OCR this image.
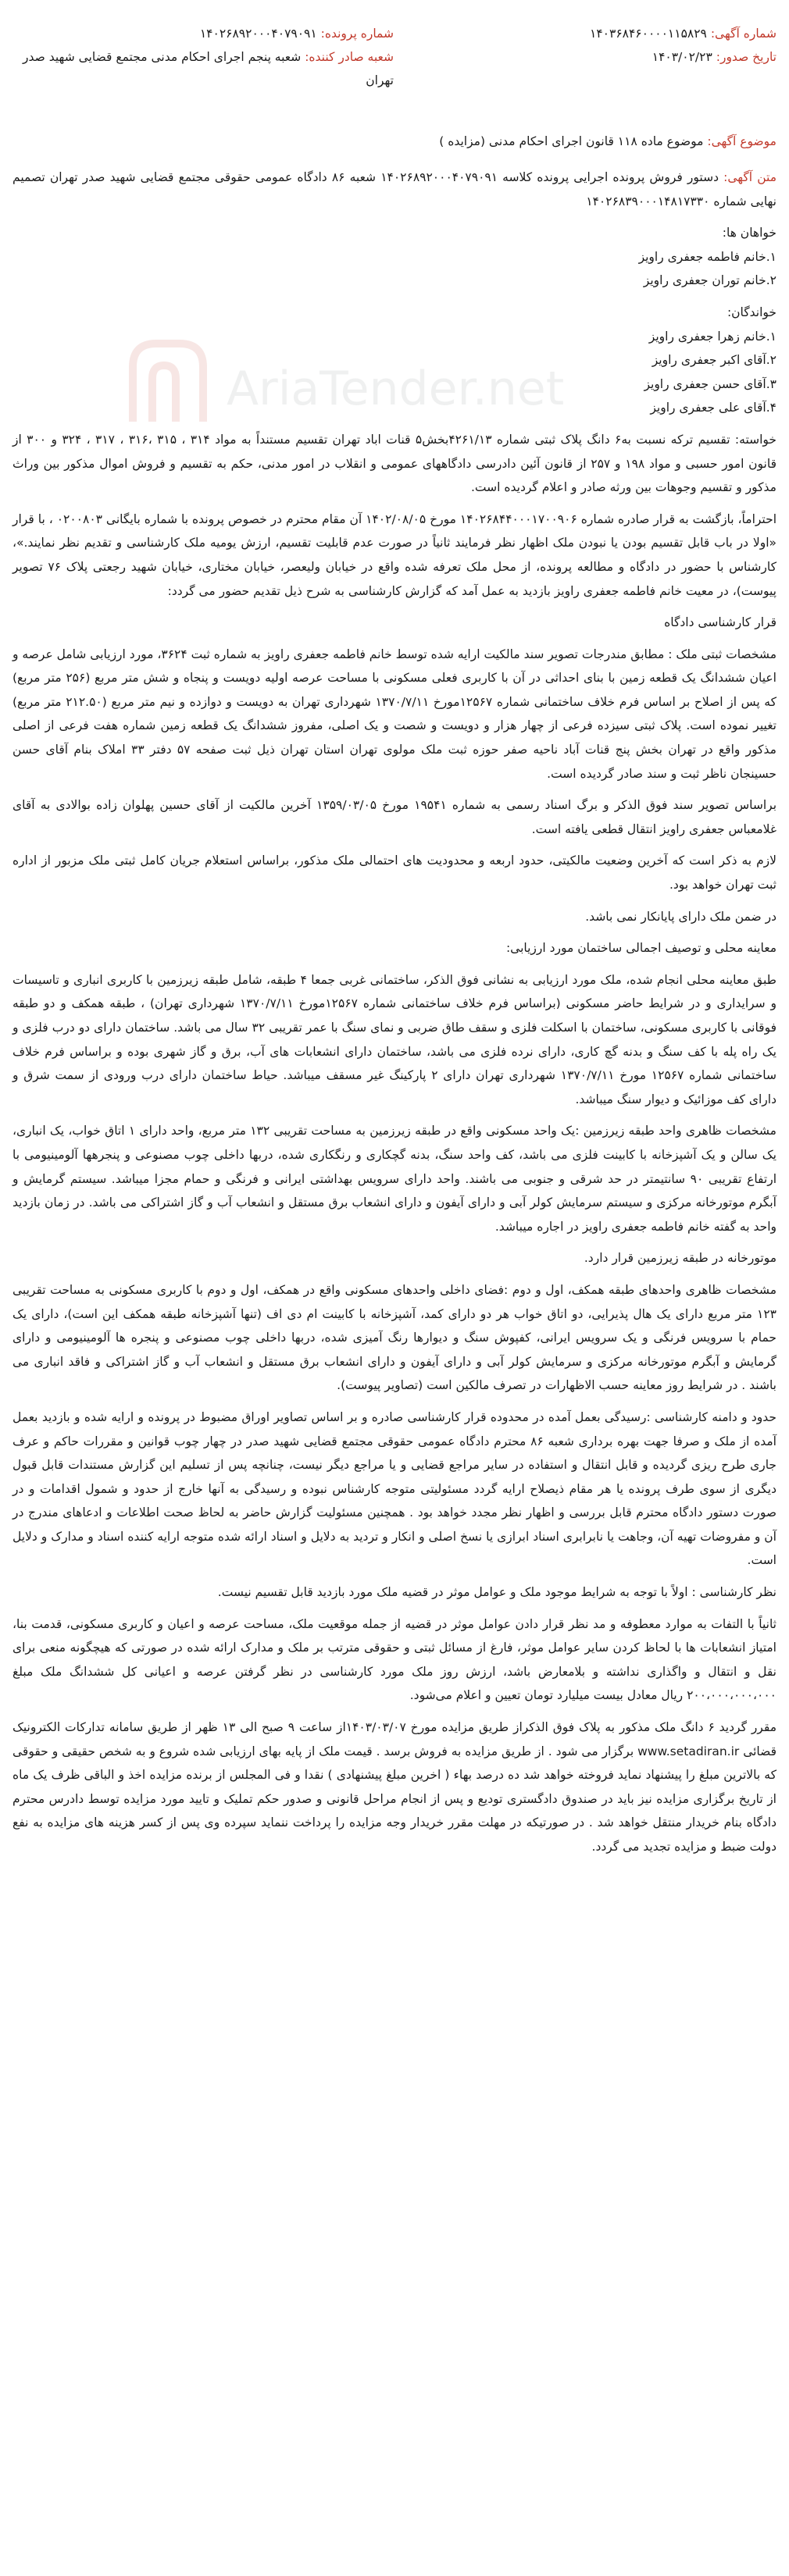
AriaTender.net
شماره آگهی: ۱۴۰۳۶۸۴۶۰۰۰۰۱۱۵۸۲۹
شماره پرونده: ۱۴۰۲۶۸۹۲۰۰۰۴۰۷۹۰۹۱
تاریخ صدور: ۱۴۰۳/۰۲/۲۳
شعبه صادر کننده: شعبه پنجم اجرای احکام مدنی مجتمع قضایی شهید صدر تهران
موضوع آگهی: موضوع ماده ۱۱۸ قانون اجرای احکام مدنی (مزایده )

متن آگهی: دستور فروش پرونده اجرایی پرونده کلاسه ۱۴۰۲۶۸۹۲۰۰۰۴۰۷۹۰۹۱ شعبه ۸۶ دادگاه عمومی حقوقی مجتمع قضایی شهید صدر تهران تصمیم نهایی شماره ۱۴۰۲۶۸۳۹۰۰۰۱۴۸۱۷۳۳۰

خواهان ها:

۱.خانم فاطمه جعفری راویز

۲.خانم توران جعفری راویز

خواندگان:

۱.خانم زهرا جعفری راویز

۲.آقای اکبر جعفری راویز

۳.آقای حسن جعفری راویز

۴.آقای علی جعفری راویز

خواسته: تقسیم ترکه نسبت به۶ دانگ پلاک ثبتی شماره ۴۲۶۱/۱۳بخش۵ قنات اباد تهران تقسیم مستنداً به مواد ۳۱۴ ، ۳۱۵ ،۳۱۶ ، ۳۱۷ ، ۳۲۴ و ۳۰۰ از قانون امور حسبی و مواد ۱۹۸ و ۲۵۷ از قانون آئین دادرسی دادگاههای عمومی و انقلاب در امور مدنی، حکم به تقسیم و فروش اموال مذکور بین وراث مذکور و تقسیم وجوهات بین ورثه صادر و اعلام گردیده است.

احتراماً، بازگشت به قرار صادره شماره ۱۴۰۲۶۸۴۴۰۰۰۱۷۰۰۹۰۶ مورخ ۱۴۰۲/۰۸/۰۵ آن مقام محترم در خصوص پرونده با شماره بایگانی ۰۲۰۰۸۰۳ ، با قرار «اولا در باب قابل تقسیم بودن یا نبودن ملک اظهار نظر فرمایند ثانیاً در صورت عدم قابلیت تقسیم، ارزش یومیه ملک کارشناسی و تقدیم نظر نمایند.»، کارشناس با حضور در دادگاه و مطالعه پرونده، از محل ملک تعرفه شده واقع در خیابان ولیعصر، خیابان مختاری، خیابان شهید رجعتی پلاک ۷۶ تصویر پیوست)، در معیت خانم فاطمه جعفری راویز بازدید به عمل آمد که گزارش کارشناسی به شرح ذیل تقدیم حضور می گردد:

قرار کارشناسی دادگاه

مشخصات ثبتی ملک : مطابق مندرجات تصویر سند مالکیت ارایه شده توسط خانم فاطمه جعفری راویز به شماره ثبت ۳۶۲۴، مورد ارزیابی شامل عرصه و اعیان ششدانگ یک قطعه زمین با بنای احداثی در آن با کاربری فعلی مسکونی با مساحت عرصه اولیه دویست و پنجاه و شش متر مربع (۲۵۶ متر مربع) که پس از اصلاح بر اساس فرم خلاف ساختمانی شماره ۱۲۵۶۷مورخ ۱۳۷۰/۷/۱۱ شهرداری تهران به دویست و دوازده و نیم متر مربع (۲۱۲.۵۰ متر مربع) تغییر نموده است. پلاک ثبتی سیزده فرعی از چهار هزار و دویست و شصت و یک اصلی، مفروز ششدانگ یک قطعه زمین شماره هفت فرعی از اصلی مذکور واقع در تهران بخش پنج قنات آباد ناحیه صفر حوزه ثبت ملک مولوی تهران استان تهران ذیل ثبت صفحه ۵۷ دفتر ۳۳ املاک بنام آقای حسن حسینجان ناظر ثبت و سند صادر گردیده است.

براساس تصویر سند فوق الذکر و برگ اسناد رسمی به شماره ۱۹۵۴۱ مورخ ۱۳۵۹/۰۳/۰۵ آخرین مالکیت از آقای حسین پهلوان زاده بوالادی به آقای غلامعباس جعفری راویز انتقال قطعی یافته است.

لازم به ذکر است که آخرین وضعیت مالکیتی، حدود اربعه و محدودیت های احتمالی ملک مذکور، براساس استعلام جریان کامل ثبتی ملک مزبور از اداره ثبت تهران خواهد بود.

در ضمن ملک دارای پایانکار نمی باشد.

معاینه محلی و توصیف اجمالی ساختمان مورد ارزیابی:

طبق معاینه محلی انجام شده، ملک مورد ارزیابی به نشانی فوق الذکر، ساختمانی غربی جمعا ۴ طبقه، شامل طبقه زیرزمین با کاربری انباری و تاسیسات و سرایداری و در شرایط حاضر مسکونی (براساس فرم خلاف ساختمانی شماره ۱۲۵۶۷مورخ ۱۳۷۰/۷/۱۱ شهرداری تهران) ، طبقه همکف و دو طبقه فوقانی با کاربری مسکونی، ساختمان با اسکلت فلزی و سقف طاق ضربی و نمای سنگ با عمر تقریبی ۳۲ سال می باشد. ساختمان دارای دو درب فلزی و یک راه پله با کف سنگ و بدنه گچ کاری، دارای نرده فلزی می باشد، ساختمان دارای انشعابات های آب، برق و گاز شهری بوده و براساس فرم خلاف ساختمانی شماره ۱۲۵۶۷ مورخ ۱۳۷۰/۷/۱۱ شهرداری تهران دارای ۲ پارکینگ غیر مسقف میباشد. حیاط ساختمان دارای درب ورودی از سمت شرق و دارای کف موزائیک و دیوار سنگ میباشد.

مشخصات ظاهری واحد طبقه زیرزمین :یک واحد مسکونی واقع در طبقه زیرزمین به مساحت تقریبی ۱۳۲ متر مربع، واحد دارای ۱ اتاق خواب، یک انباری، یک سالن و یک آشپزخانه با کابینت فلزی می باشد، کف واحد سنگ، بدنه گچکاری و رنگکاری شده، دربها داخلی چوب مصنوعی و پنجرهها آلومینیومی با ارتفاع تقریبی ۹۰ سانتیمتر در حد شرقی و جنوبی می باشند. واحد دارای سرویس بهداشتی ایرانی و فرنگی و حمام مجزا میباشد. سیستم گرمایش و آبگرم موتورخانه مرکزی و سیستم سرمایش کولر آبی و دارای آیفون و دارای انشعاب برق مستقل و انشعاب آب و گاز اشتراکی می باشد. در زمان بازدید واحد به گفته خانم فاطمه جعفری راویز در اجاره میباشد.

موتورخانه در طبقه زیرزمین قرار دارد.

مشخصات ظاهری واحدهای طبقه همکف، اول و دوم :فضای داخلی واحدهای مسکونی واقع در همکف، اول و دوم با کاربری مسکونی به مساحت تقریبی ۱۲۳ متر مربع دارای یک هال پذیرایی، دو اتاق خواب هر دو دارای کمد، آشپزخانه با کابینت ام دی اف (تنها آشپزخانه طبقه همکف این است)، دارای یک حمام با سرویس فرنگی و یک سرویس ایرانی، کفپوش سنگ و دیوارها رنگ آمیزی شده، دربها داخلی چوب مصنوعی و پنجره ها آلومینیومی و دارای گرمایش و آبگرم موتورخانه مرکزی و سرمایش کولر آبی و دارای آیفون و دارای انشعاب برق مستقل و انشعاب آب و گاز اشتراکی و فاقد انباری می باشند . در شرایط روز معاینه حسب الاظهارات در تصرف مالکین است (تصاویر پیوست).

حدود و دامنه کارشناسی :رسیدگی بعمل آمده در محدوده قرار کارشناسی صادره و بر اساس تصاویر اوراق مضبوط در پرونده و ارایه شده و بازدید بعمل آمده از ملک و صرفا جهت بهره برداری شعبه ۸۶ محترم دادگاه عمومی حقوقی مجتمع قضایی شهید صدر در چهار چوب قوانین و مقررات حاکم و عرف جاری طرح ریزی گردیده و قابل انتقال و استفاده در سایر مراجع قضایی و یا مراجع دیگر نیست، چنانچه پس از تسلیم این گزارش مستندات قابل قبول دیگری از سوی طرف پرونده یا هر مقام ذیصلاح ارایه گردد مسئولیتی متوجه کارشناس نبوده و رسیدگی به آنها خارج از حدود و شمول اقدامات و در صورت دستور دادگاه محترم قابل بررسی و اظهار نظر مجدد خواهد بود . همچنین مسئولیت گزارش حاضر به لحاظ صحت اطلاعات و ادعاهای مندرج در آن و مفروضات تهیه آن، وجاهت یا نابرابری اسناد ابرازی یا نسخ اصلی و انکار و تردید به دلایل و اسناد ارائه شده متوجه ارایه کننده اسناد و مدارک و دلایل است.

نظر کارشناسی : اولاً با توجه به شرایط موجود ملک و عوامل موثر در قضیه ملک مورد بازدید قابل تقسیم نیست.

ثانیاً با التفات به موارد معطوفه و مد نظر قرار دادن عوامل موثر در قضیه از جمله موقعیت ملک، مساحت عرصه و اعیان و کاربری مسکونی، قدمت بنا، امتیاز انشعابات ها با لحاظ کردن سایر عوامل موثر، فارغ از مسائل ثبتی و حقوقی مترتب بر ملک و مدارک ارائه شده در صورتی که هیچگونه منعی برای نقل و انتقال و واگذاری نداشته و بلامعارض باشد، ارزش روز ملک مورد کارشناسی در نظر گرفتن عرصه و اعیانی کل ششدانگ ملک مبلغ ۲۰۰،۰۰۰،۰۰۰،۰۰۰ ریال معادل بیست میلیارد تومان تعیین و اعلام می‌شود.

مقرر گردید ۶ دانگ ملک مذکور به پلاک فوق الذکراز طریق مزایده مورخ ۱۴۰۳/۰۳/۰۷از ساعت ۹ صبح الی ۱۳ ظهر از طریق سامانه تدارکات الکترونیک قضائی www.setadiran.ir برگزار می شود . از طریق مزایده به فروش برسد . قیمت ملک از پایه بهای ارزیابی شده شروع و به شخص حقیقی و حقوقی که بالاترین مبلغ را پیشنهاد نماید فروخته خواهد شد ده درصد بهاء ( اخرین مبلغ پیشنهادی ) نقدا و فی المجلس از برنده مزایده اخذ و الباقی ظرف یک ماه از تاریخ برگزاری مزایده نیز باید در صندوق دادگستری تودیع و پس از انجام مراحل قانونی و صدور حکم تملیک و تایید مورد مزایده توسط دادرس محترم دادگاه بنام خریدار منتقل خواهد شد . در صورتیکه در مهلت مقرر خریدار وجه مزایده را پرداخت ننماید سپرده وی پس از کسر هزینه های مزایده به نفع دولت ضبط و مزایده تجدید می گردد.
